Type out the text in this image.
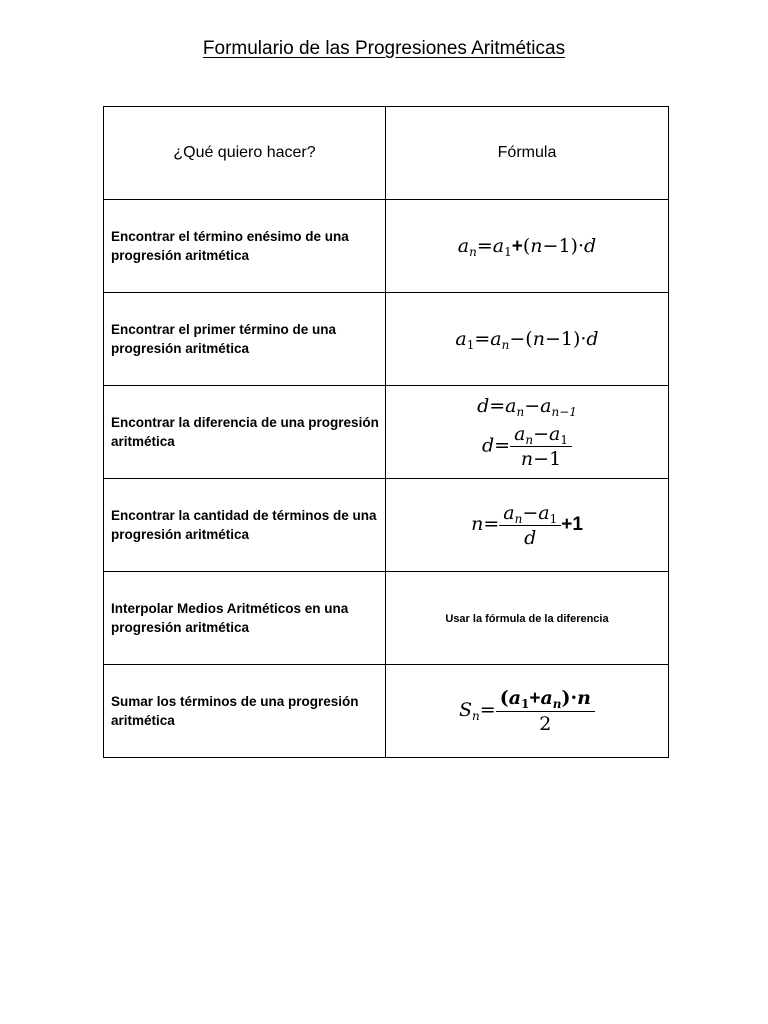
Formulario de las Progresiones Aritméticas
¿Qué quiero hacer?	Fórmula
Encontrar el término enésimo de una progresión aritmética	$a_n=a_1+(n-1)\cdot d$
Encontrar el primer término de una progresión aritmética	$a_1=a_n-(n-1)\cdot d$
Encontrar la diferencia de una progresión aritmética	$d=a_n-a_{n-1}$
$d= \frac{a_n-a_1}{n-1}$

Encontrar la cantidad de términos de una progresión aritmética	$n= \frac{a_n-a_1}{d} +1$
Interpolar Medios Aritméticos en una progresión aritmética	Usar la fórmula de la diferencia
Sumar los términos de una progresión aritmética	$S_n= \frac{(a_1+a_n)\cdot n}{2}$
